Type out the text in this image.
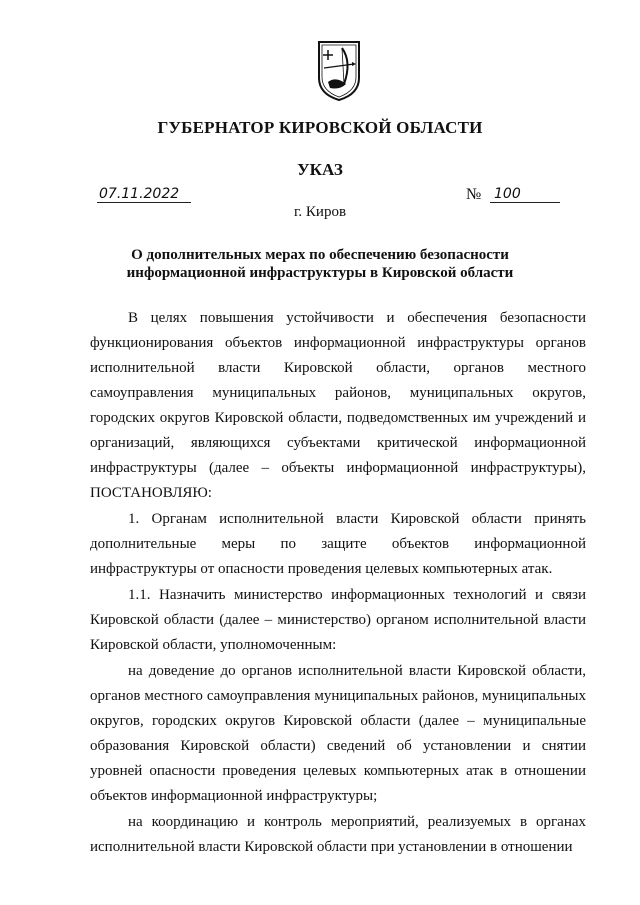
ГУБЕРНАТОР КИРОВСКОЙ ОБЛАСТИ
УКАЗ
07.11.2022	№ 100
г. Киров
О дополнительных мерах по обеспечению безопасности
информационной инфраструктуры в Кировской области

В целях повышения устойчивости и обеспечения безопасности функционирования объектов информационной инфраструктуры органов исполнительной власти Кировской области, органов местного самоуправления муниципальных районов, муниципальных округов, городских округов Кировской области, подведомственных им учреждений и организаций, являющихся субъектами критической информационной инфраструктуры (далее – объекты информационной инфраструктуры), ПОСТАНОВЛЯЮ:

1. Органам исполнительной власти Кировской области принять дополнительные меры по защите объектов информационной инфраструктуры от опасности проведения целевых компьютерных атак.

1.1. Назначить министерство информационных технологий и связи Кировской области (далее – министерство) органом исполнительной власти Кировской области, уполномоченным:

на доведение до органов исполнительной власти Кировской области, органов местного самоуправления муниципальных районов, муниципальных округов, городских округов Кировской области (далее – муниципальные образования Кировской области) сведений об установлении и снятии уровней опасности проведения целевых компьютерных атак в отношении объектов информационной инфраструктуры;

на координацию и контроль мероприятий, реализуемых в органах исполнительной власти Кировской области при установлении в отношении
